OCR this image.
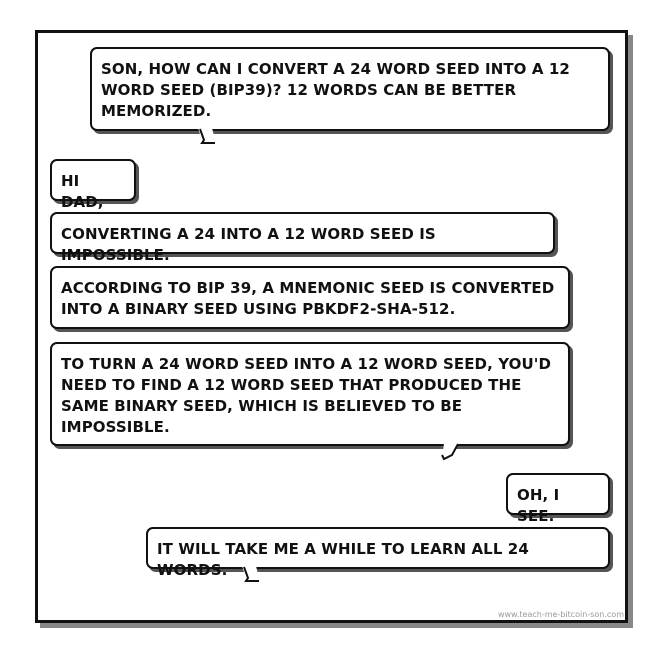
SON, HOW CAN I CONVERT A 24 WORD SEED INTO A 12 WORD SEED (BIP39)? 12 WORDS CAN BE BETTER MEMORIZED.
HI DAD,
CONVERTING A 24 INTO A 12 WORD SEED IS IMPOSSIBLE.
ACCORDING TO BIP 39, A MNEMONIC SEED IS CONVERTED INTO A BINARY SEED USING PBKDF2-SHA-512.
TO TURN A 24 WORD SEED INTO A 12 WORD SEED, YOU'D NEED TO FIND A 12 WORD SEED THAT PRODUCED THE SAME BINARY SEED, WHICH IS BELIEVED TO BE IMPOSSIBLE.
OH, I SEE.
IT WILL TAKE ME A WHILE TO LEARN ALL 24 WORDS.
www.teach-me-bitcoin-son.com
